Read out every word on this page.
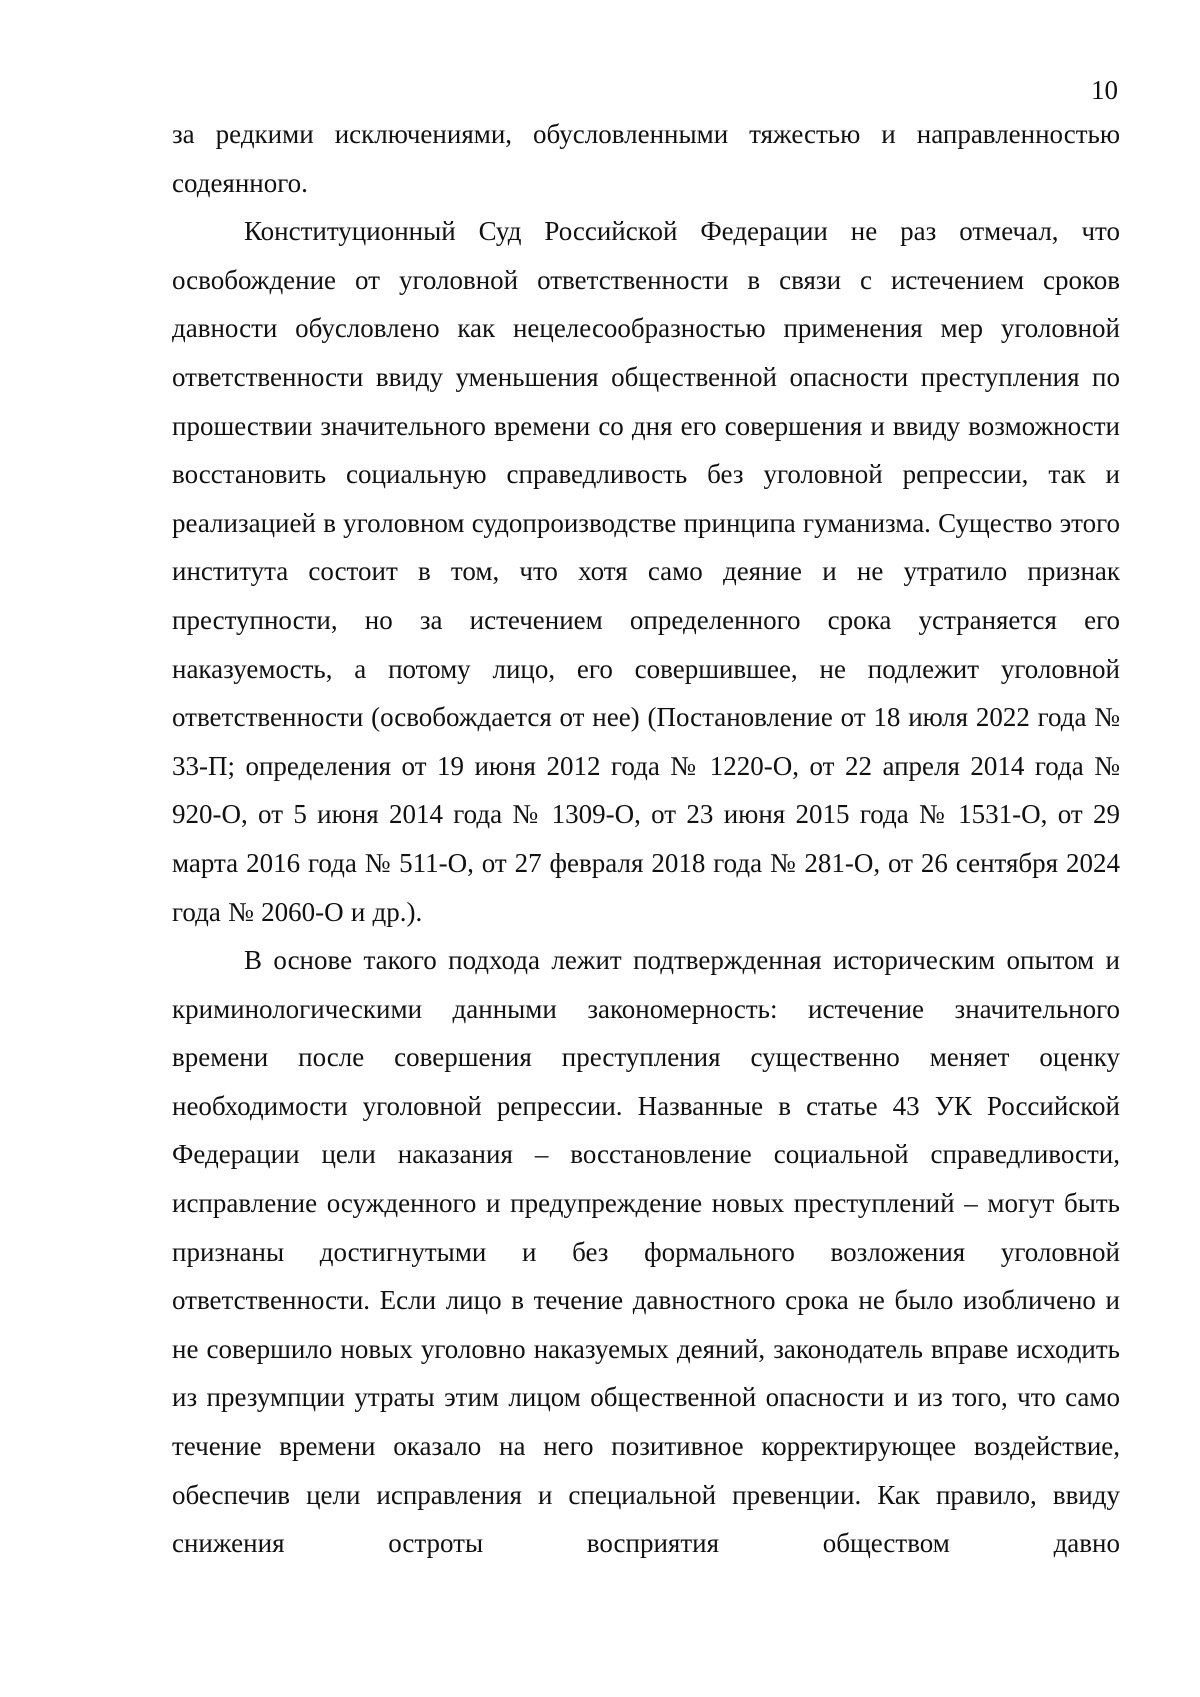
10

за редкими исключениями, обусловленными тяжестью и направленностью содеянного.

Конституционный Суд Российской Федерации не раз отмечал, что освобождение от уголовной ответственности в связи с истечением сроков давности обусловлено как нецелесообразностью применения мер уголовной ответственности ввиду уменьшения общественной опасности преступления по прошествии значительного времени со дня его совершения и ввиду возможности восстановить социальную справедливость без уголовной репрессии, так и реализацией в уголовном судопроизводстве принципа гуманизма. Существо этого института состоит в том, что хотя само деяние и не утратило признак преступности, но за истечением определенного срока устраняется его наказуемость, а потому лицо, его совершившее, не подлежит уголовной ответственности (освобождается от нее) (Постановление от 18 июля 2022 года № 33-П; определения от 19 июня 2012 года № 1220-О, от 22 апреля 2014 года № 920-О, от 5 июня 2014 года № 1309-О, от 23 июня 2015 года № 1531-О, от 29 марта 2016 года № 511-О, от 27 февраля 2018 года № 281-О, от 26 сентября 2024 года № 2060-О и др.).

В основе такого подхода лежит подтвержденная историческим опытом и криминологическими данными закономерность: истечение значительного времени после совершения преступления существенно меняет оценку необходимости уголовной репрессии. Названные в статье 43 УК Российской Федерации цели наказания – восстановление социальной справедливости, исправление осужденного и предупреждение новых преступлений – могут быть признаны достигнутыми и без формального возложения уголовной ответственности. Если лицо в течение давностного срока не было изобличено и не совершило новых уголовно наказуемых деяний, законодатель вправе исходить из презумпции утраты этим лицом общественной опасности и из того, что само течение времени оказало на него позитивное корректирующее воздействие, обеспечив цели исправления и специальной превенции. Как правило, ввиду снижения остроты восприятия обществом давно
